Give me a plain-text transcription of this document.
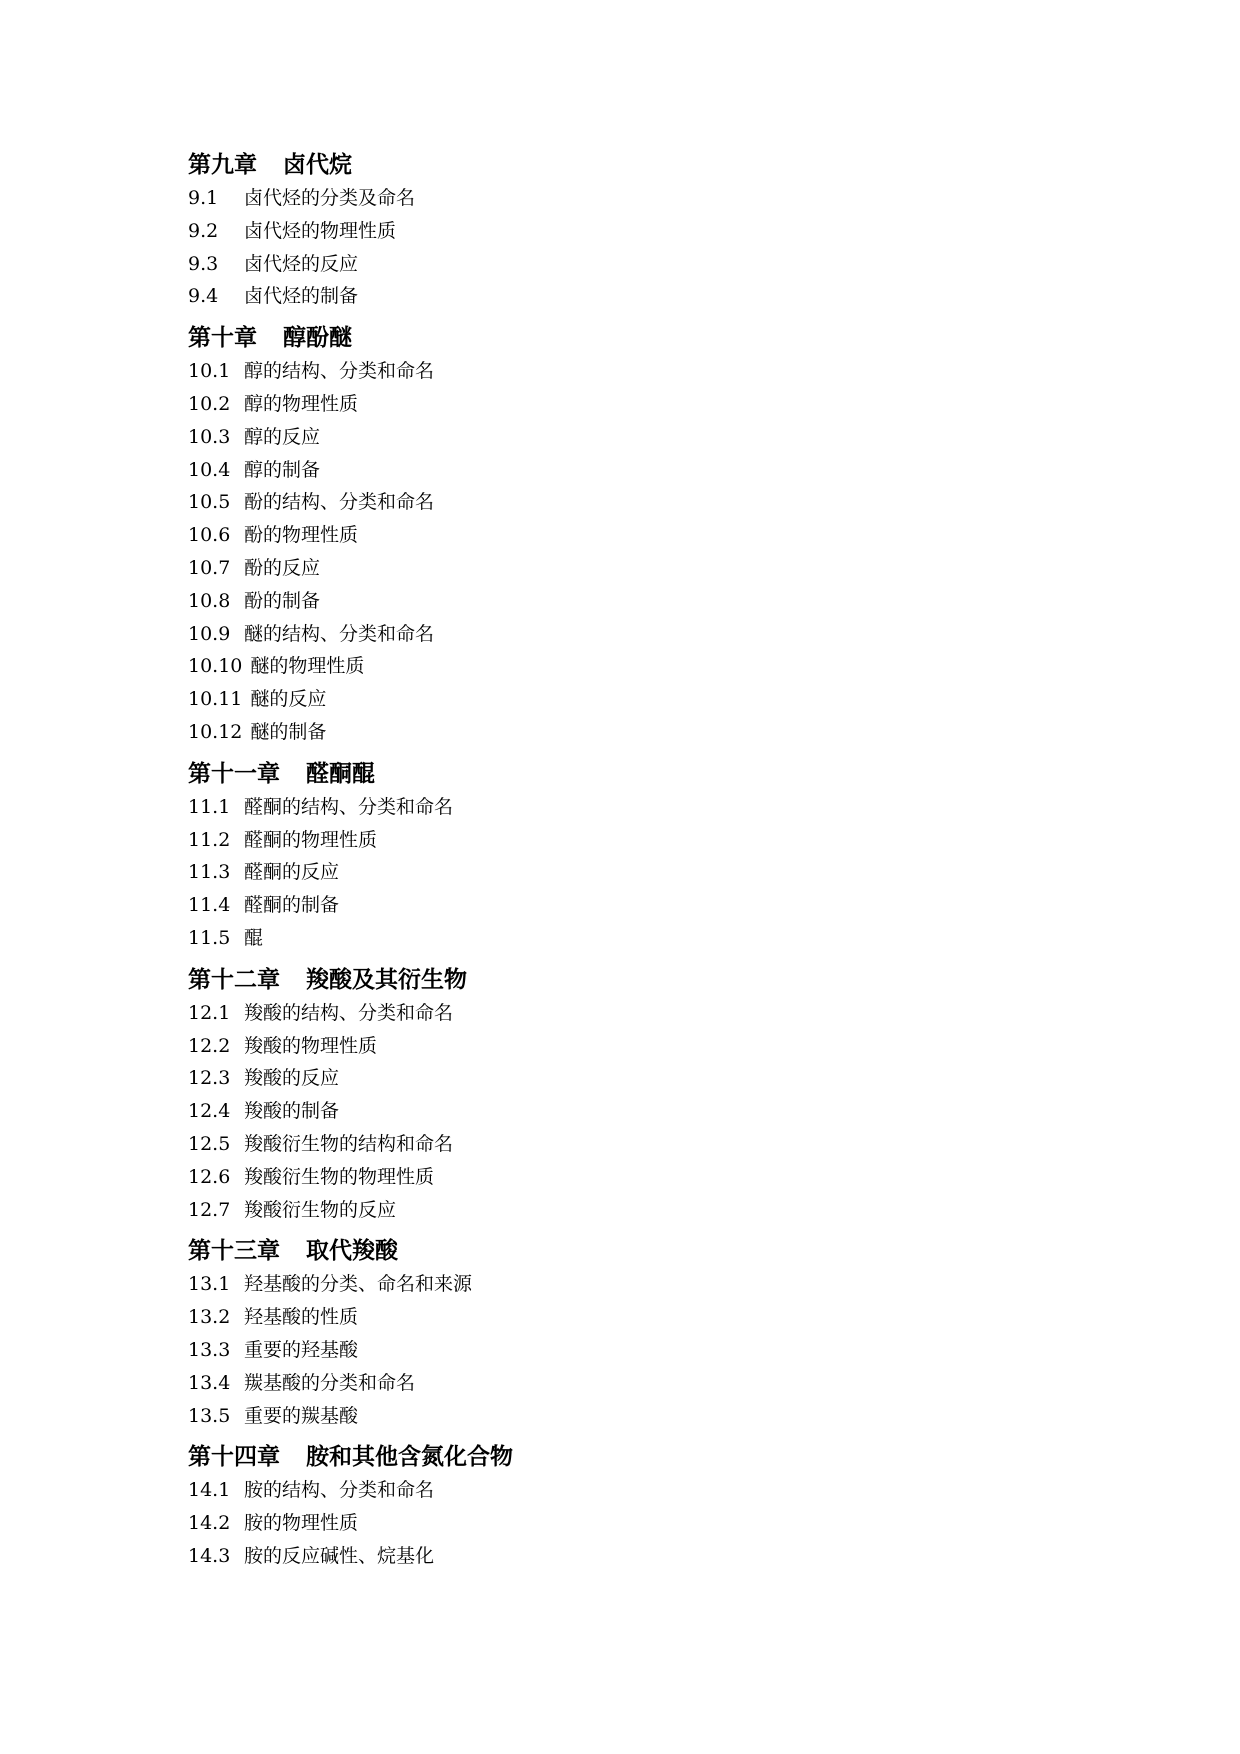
第九章 卤代烷
9.1 卤代烃的分类及命名
9.2 卤代烃的物理性质
9.3 卤代烃的反应
9.4 卤代烃的制备
第十章 醇酚醚
10.1 醇的结构、分类和命名
10.2 醇的物理性质
10.3 醇的反应
10.4 醇的制备
10.5 酚的结构、分类和命名
10.6 酚的物理性质
10.7 酚的反应
10.8 酚的制备
10.9 醚的结构、分类和命名
10.10 醚的物理性质
10.11 醚的反应
10.12 醚的制备
第十一章 醛酮醌
11.1 醛酮的结构、分类和命名
11.2 醛酮的物理性质
11.3 醛酮的反应
11.4 醛酮的制备
11.5 醌
第十二章 羧酸及其衍生物
12.1 羧酸的结构、分类和命名
12.2 羧酸的物理性质
12.3 羧酸的反应
12.4 羧酸的制备
12.5 羧酸衍生物的结构和命名
12.6 羧酸衍生物的物理性质
12.7 羧酸衍生物的反应
第十三章 取代羧酸
13.1 羟基酸的分类、命名和来源
13.2 羟基酸的性质
13.3 重要的羟基酸
13.4 羰基酸的分类和命名
13.5 重要的羰基酸
第十四章 胺和其他含氮化合物
14.1 胺的结构、分类和命名
14.2 胺的物理性质
14.3 胺的反应碱性、烷基化
